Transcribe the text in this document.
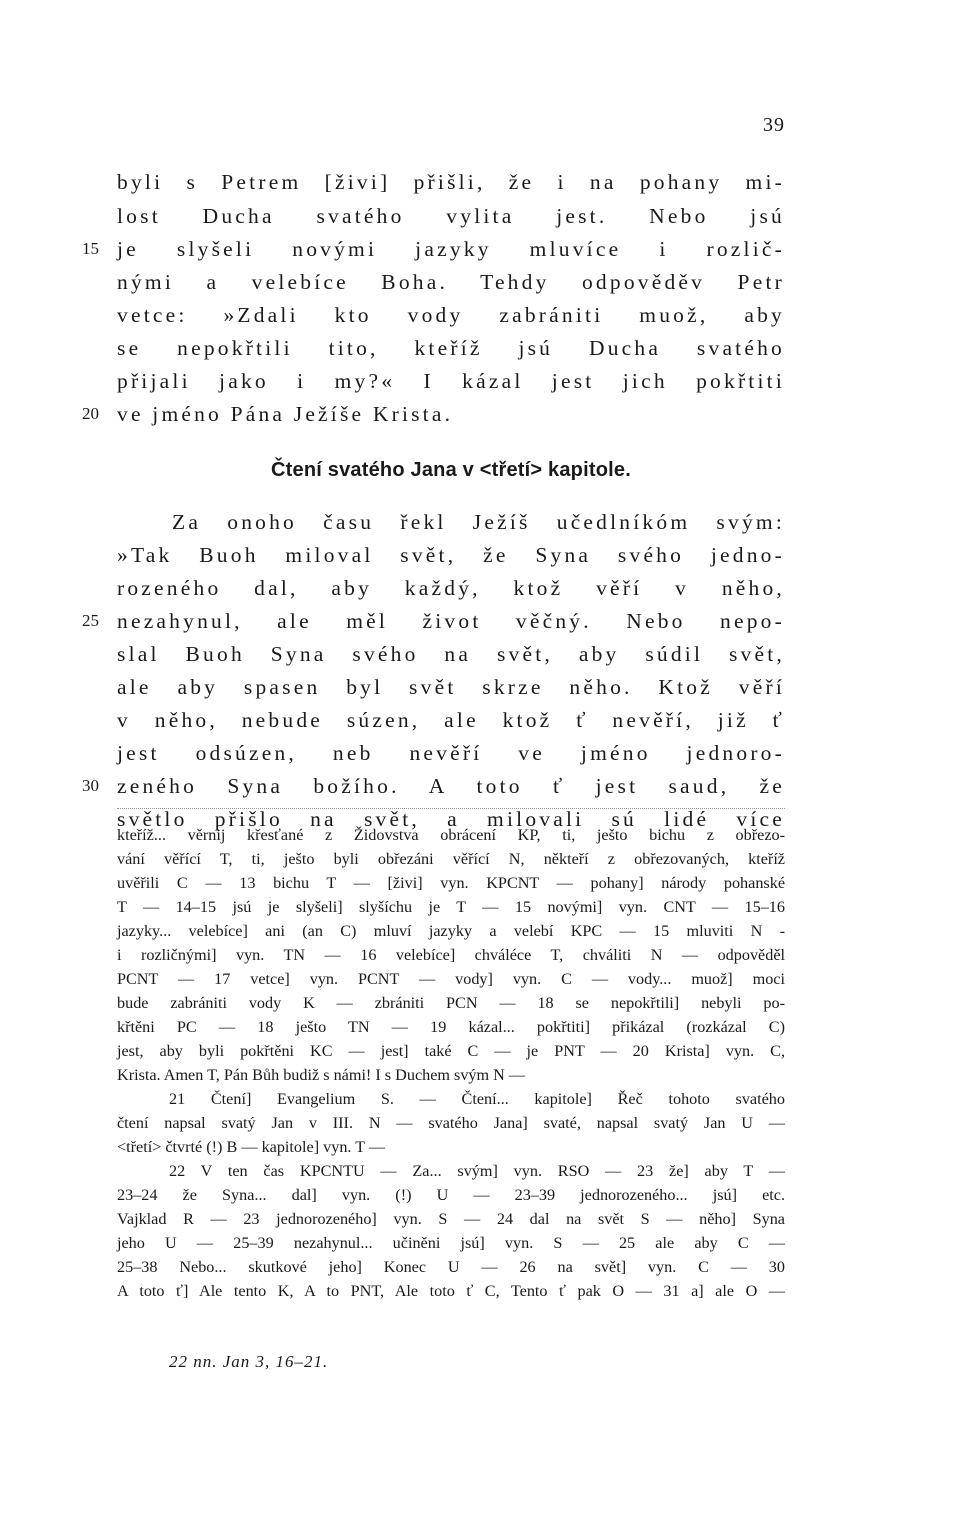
39
byli s Petrem [živi] přišli, že i na pohany mi-
lost Ducha svatého vylita jest. Nebo jsú
15 je slyšeli novými jazyky mluvíce i rozlič-
nými a velebíce Boha. Tehdy odpověděv Petr
vetce: »Zdali kto vody zabrániti muož, aby
se nepokřtili tito, kteříž jsú Ducha svatého
přijali jako i my?« I kázal jest jich pokřtiti
20 ve jméno Pána Ježíše Krista.
Čtení svatého Jana v <třetí> kapitole.
Za onoho času řekl Ježíš učedlníkóm svým:
»Tak Buoh miloval svět, že Syna svého jedno-
rozeného dal, aby každý, ktož věří v něho,
25 nezahynul, ale měl život věčný. Nebo nepo-
slal Buoh Syna svého na svět, aby súdil svět,
ale aby spasen byl svět skrze něho. Ktož věří
v něho, nebude súzen, ale ktož ť nevěří, již ť
jest odsúzen, neb nevěří ve jméno jednoro-
30 zeného Syna božího. A toto ť jest saud, že
světlo přišlo na svět, a milovali sú lidé více
kteříž... věrnij křesťané z Židovstva obrácení KP, ti, ješto bichu z obřezo-
vání věřící T, ti, ješto byli obřezáni věřící N, někteří z obřezovaných, kteříž
uvěřili C — 13 bichu T — [živi] vyn. KPCNT — pohany] národy pohanské
T — 14–15 jsú je slyšeli] slyšíchu je T — 15 novými] vyn. CNT — 15–16
jazyky... velebíce] ani (an C) mluví jazyky a velebí KPC — 15 mluviti N -
i rozličnými] vyn. TN — 16 velebíce] chváléce T, chváliti N — odpověděl
PCNT — 17 vetce] vyn. PCNT — vody] vyn. C — vody... muož] moci
bude zabrániti vody K — zbrániti PCN — 18 se nepokřtili] nebyli po-
křtěni PC — 18 ješto TN — 19 kázal... pokřtiti] přikázal (rozkázal C)
jest, aby byli pokřtěni KC — jest] také C — je PNT — 20 Krista] vyn. C,
Krista. Amen T, Pán Bůh budiž s námi! I s Duchem svým N —
21 Čtení] Evangelium S. — Čtení... kapitole] Řeč tohoto svatého
čtení napsal svatý Jan v III. N — svatého Jana] svaté, napsal svatý Jan U —
<třetí> čtvrté (!) B — kapitole] vyn. T —
22 V ten čas KPCNTU — Za... svým] vyn. RSO — 23 že] aby T —
23–24 že Syna... dal] vyn. (!) U — 23–39 jednorozeného... jsú] etc.
Vajklad R — 23 jednorozeného] vyn. S — 24 dal na svět S — něho] Syna
jeho U — 25–39 nezahynul... učiněni jsú] vyn. S — 25 ale aby C —
25–38 Nebo... skutkové jeho] Konec U — 26 na svět] vyn. C — 30
A toto ť] Ale tento K, A to PNT, Ale toto ť C, Tento ť pak O — 31 a] ale O —
22 nn. Jan 3, 16–21.
